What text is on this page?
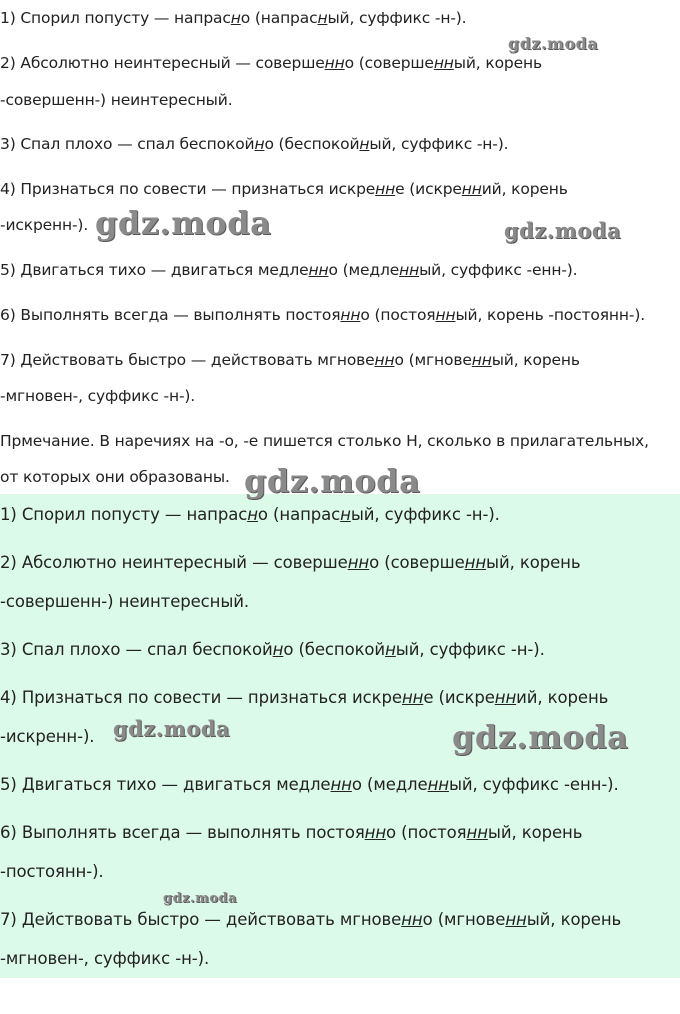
1) Спорил попусту — напрасно (напрасный, суффикс -н-).
2) Абсолютно неинтересный — совершенно (совершенный, корень
-совершенн-) неинтересный.
3) Спал плохо — спал беспокойно (беспокойный, суффикс -н-).
4) Признаться по совести — признаться искренне (искренний, корень
-искренн-).
5) Двигаться тихо — двигаться медленно (медленный, суффикс -енн-).
6) Выполнять всегда — выполнять постоянно (постоянный, корень -постоянн-).
7) Действовать быстро — действовать мгновенно (мгновенный, корень
-мгновен-, суффикс -н-).
Прмечание. В наречиях на -о, -е пишется столько Н, сколько в прилагательных,
от которых они образованы.
1) Спорил попусту — напрасно (напрасный, суффикс -н-).
2) Абсолютно неинтересный — совершенно (совершенный, корень
-совершенн-) неинтересный.
3) Спал плохо — спал беспокойно (беспокойный, суффикс -н-).
4) Признаться по совести — признаться искренне (искренний, корень
-искренн-).
5) Двигаться тихо — двигаться медленно (медленный, суффикс -енн-).
6) Выполнять всегда — выполнять постоянно (постоянный, корень
-постоянн-).
7) Действовать быстро — действовать мгновенно (мгновенный, корень
-мгновен-, суффикс -н-).
gdz.moda
gdz.moda	gdz.moda
gdz.moda
gdz.moda	gdz.moda
gdz.moda
